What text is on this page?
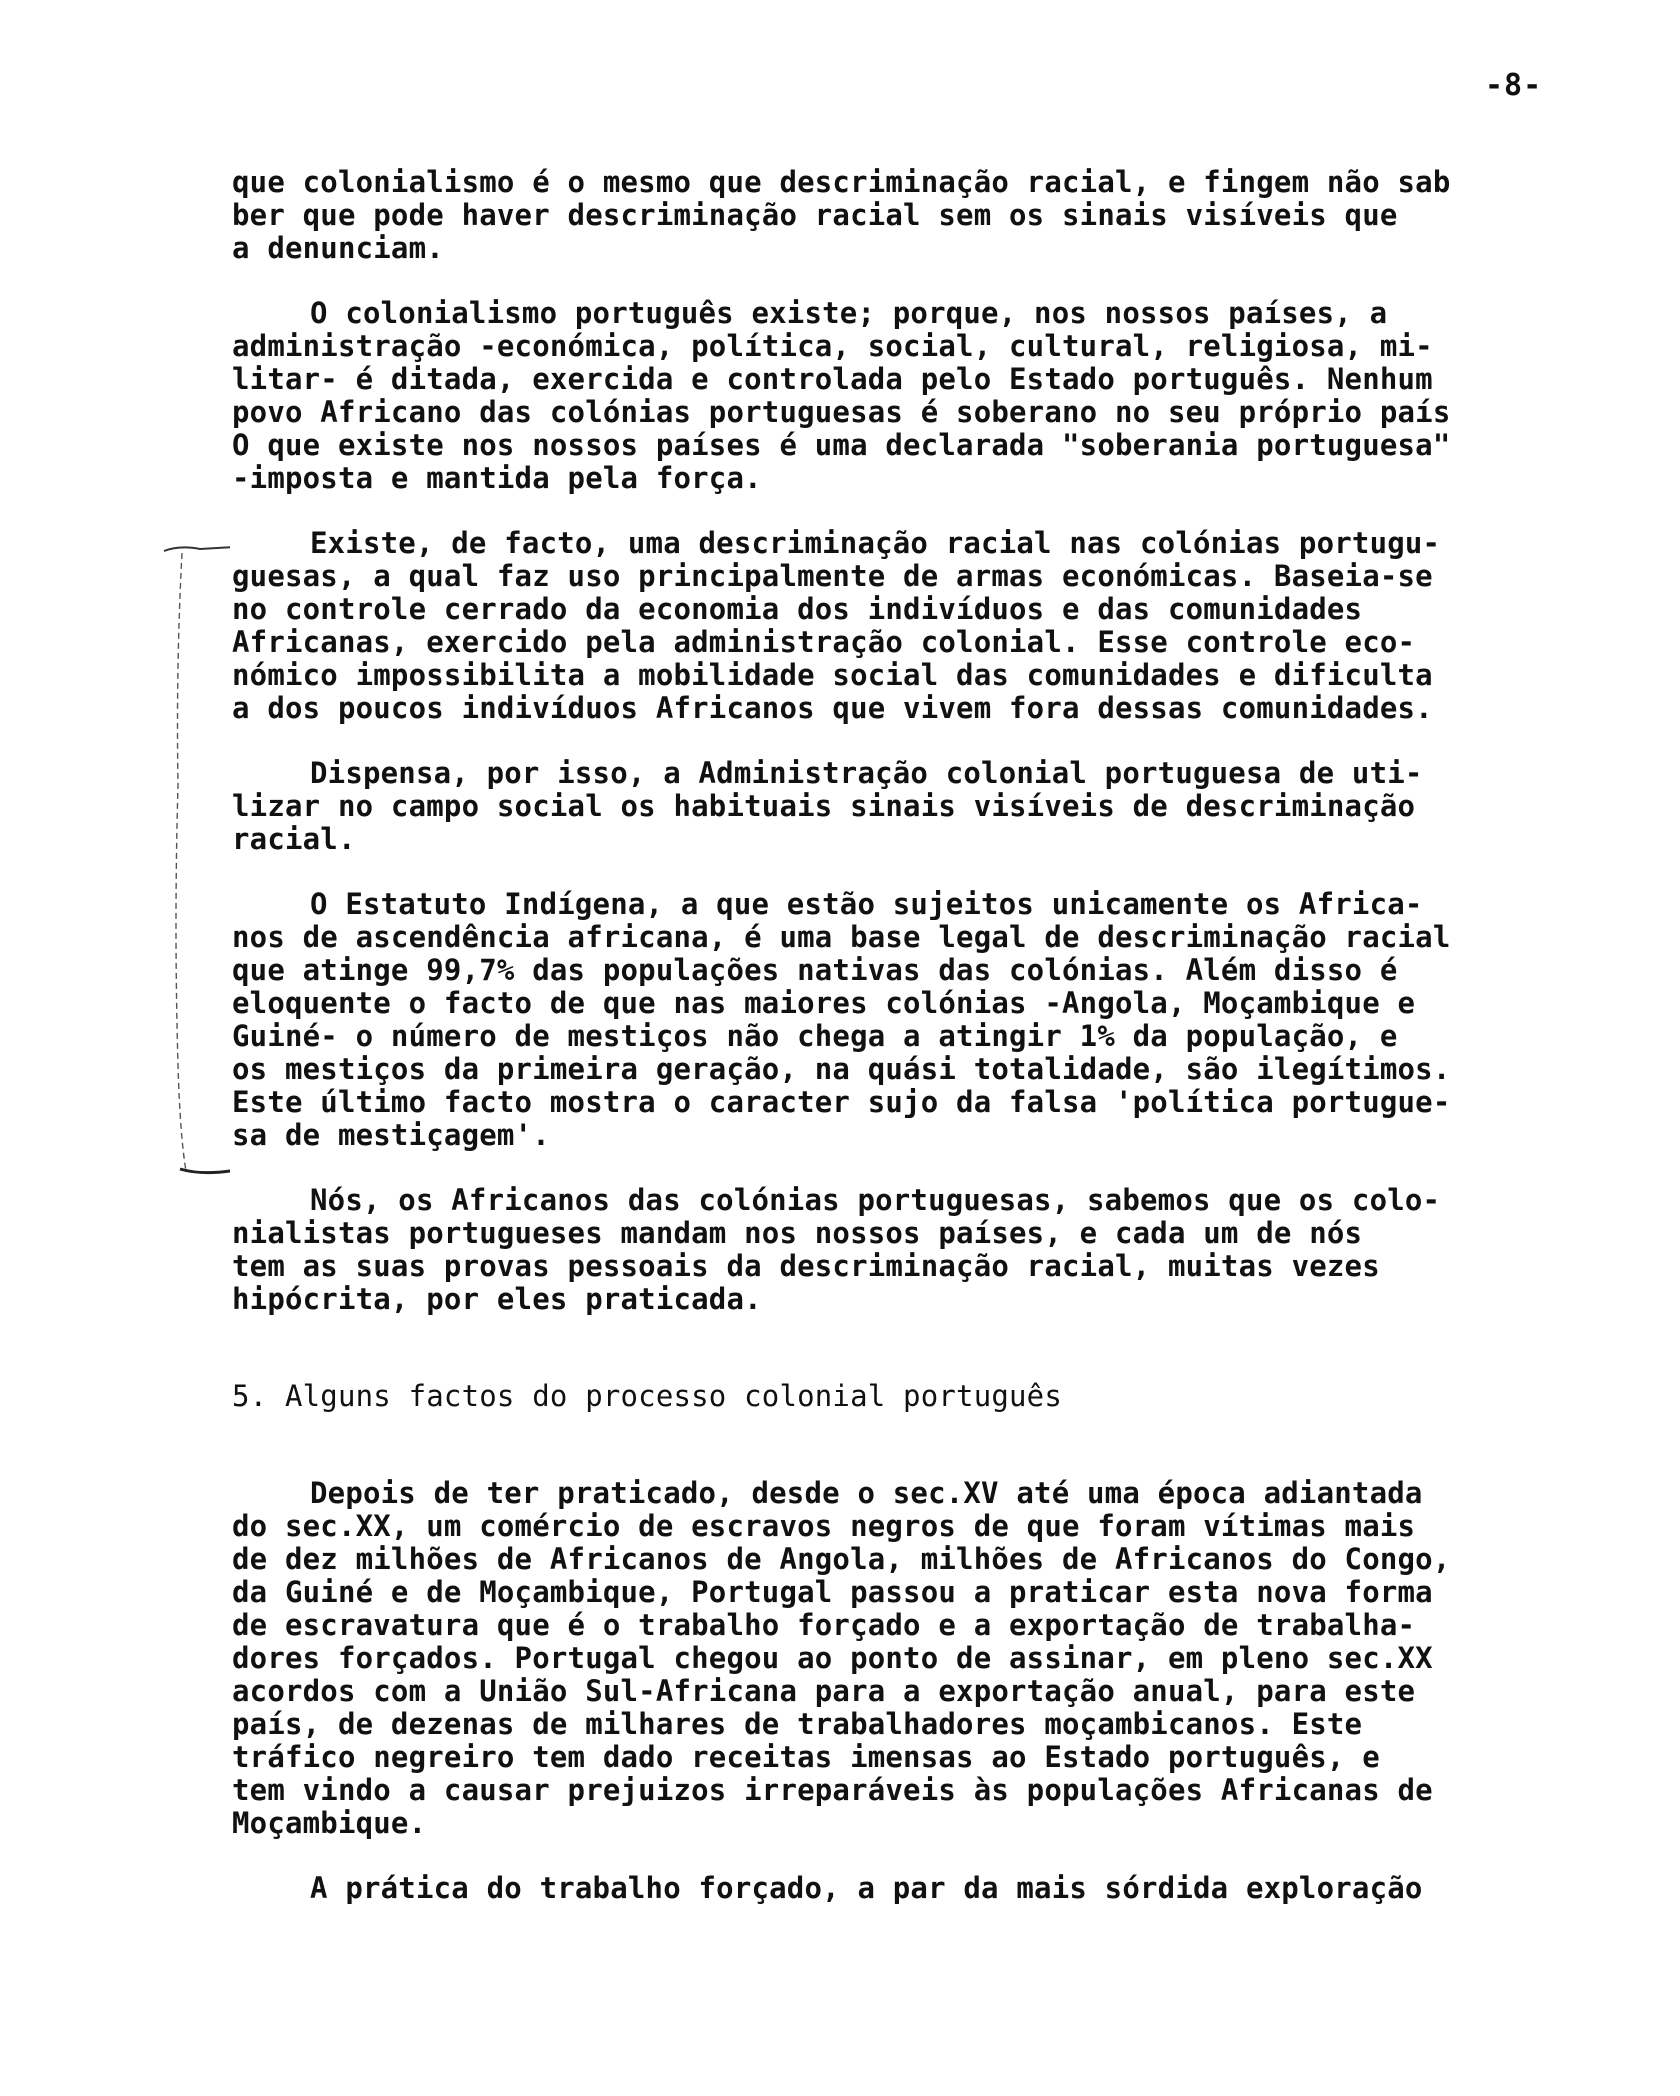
-8-
que colonialismo é o mesmo que descriminação racial, e fingem não sab
ber que pode haver descriminação racial sem os sinais visíveis que
a denunciam.
O colonialismo português existe; porque, nos nossos países, a
administração -económica, política, social, cultural, religiosa, mi-
litar- é ditada, exercida e controlada pelo Estado português. Nenhum
povo Africano das colónias portuguesas é soberano no seu próprio país
O que existe nos nossos países é uma declarada "soberania portuguesa"
-imposta e mantida pela força.
Existe, de facto, uma descriminação racial nas colónias portugu-
guesas, a qual faz uso principalmente de armas económicas. Baseia-se
no controle cerrado da economia dos indivíduos e das comunidades
Africanas, exercido pela administração colonial. Esse controle eco-
nómico impossibilita a mobilidade social das comunidades e dificulta
a dos poucos indivíduos Africanos que vivem fora dessas comunidades.
Dispensa, por isso, a Administração colonial portuguesa de uti-
lizar no campo social os habituais sinais visíveis de descriminação
racial.
O Estatuto Indígena, a que estão sujeitos unicamente os Africa-
nos de ascendência africana, é uma base legal de descriminação racial
que atinge 99,7% das populações nativas das colónias. Além disso é
eloquente o facto de que nas maiores colónias -Angola, Moçambique e
Guiné- o número de mestiços não chega a atingir 1% da população, e
os mestiços da primeira geração, na quási totalidade, são ilegítimos.
Este último facto mostra o caracter sujo da falsa 'política portugue-
sa de mestiçagem'.
Nós, os Africanos das colónias portuguesas, sabemos que os colo-
nialistas portugueses mandam nos nossos países, e cada um de nós
tem as suas provas pessoais da descriminação racial, muitas vezes
hipócrita, por eles praticada.
5. Alguns factos do processo colonial português
Depois de ter praticado, desde o sec.XV até uma época adiantada
do sec.XX, um comércio de escravos negros de que foram vítimas mais
de dez milhões de Africanos de Angola, milhões de Africanos do Congo,
da Guiné e de Moçambique, Portugal passou a praticar esta nova forma
de escravatura que é o trabalho forçado e a exportação de trabalha-
dores forçados. Portugal chegou ao ponto de assinar, em pleno sec.XX
acordos com a União Sul-Africana para a exportação anual, para este
país, de dezenas de milhares de trabalhadores moçambicanos. Este
tráfico negreiro tem dado receitas imensas ao Estado português, e
tem vindo a causar prejuizos irreparáveis às populações Africanas de
Moçambique.
A prática do trabalho forçado, a par da mais sórdida exploração
